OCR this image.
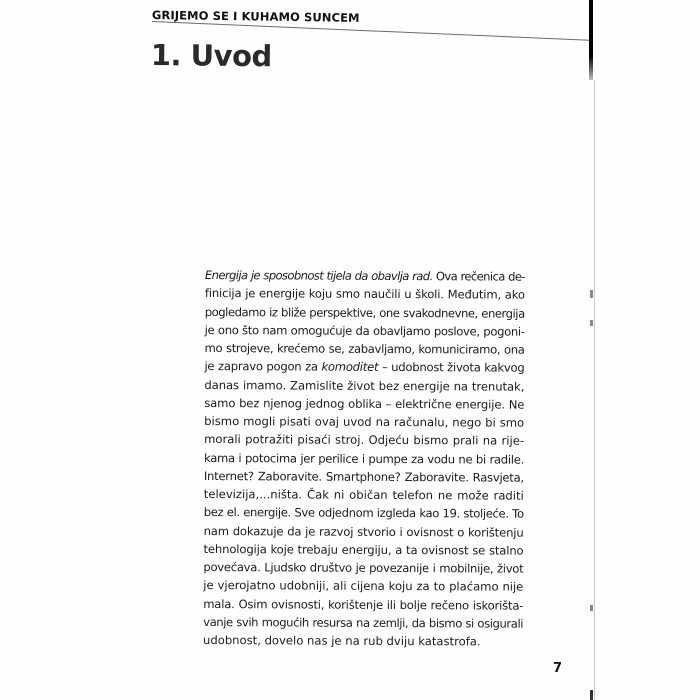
GRIJEMO SE I KUHAMO SUNCEM
1. Uvod
Energija je sposobnost tijela da obavlja rad. Ova rečenica de-
finicija je energije koju smo naučili u školi. Međutim, ako
pogledamo iz bliže perspektive, one svakodnevne, energija
je ono što nam omogućuje da obavljamo poslove, pogoni-
mo strojeve, krećemo se, zabavljamo, komuniciramo, ona
je zapravo pogon za komoditet – udobnost života kakvog
danas imamo. Zamislite život bez energije na trenutak,
samo bez njenog jednog oblika – električne energije. Ne
bismo mogli pisati ovaj uvod na računalu, nego bi smo
morali potražiti pisaći stroj. Odjeću bismo prali na rije-
kama i potocima jer perilice i pumpe za vodu ne bi radile.
Internet? Zaboravite. Smartphone? Zaboravite. Rasvjeta,
televizija,...ništa. Čak ni običan telefon ne može raditi
bez el. energije. Sve odjednom izgleda kao 19. stoljeće. To
nam dokazuje da je razvoj stvorio i ovisnost o korištenju
tehnologija koje trebaju energiju, a ta ovisnost se stalno
povećava. Ljudsko društvo je povezanije i mobilnije, život
je vjerojatno udobniji, ali cijena koju za to plaćamo nije
mala. Osim ovisnosti, korištenje ili bolje rečeno iskorišta-
vanje svih mogućih resursa na zemlji, da bismo si osigurali
udobnost, dovelo nas je na rub dviju katastrofa.
7
